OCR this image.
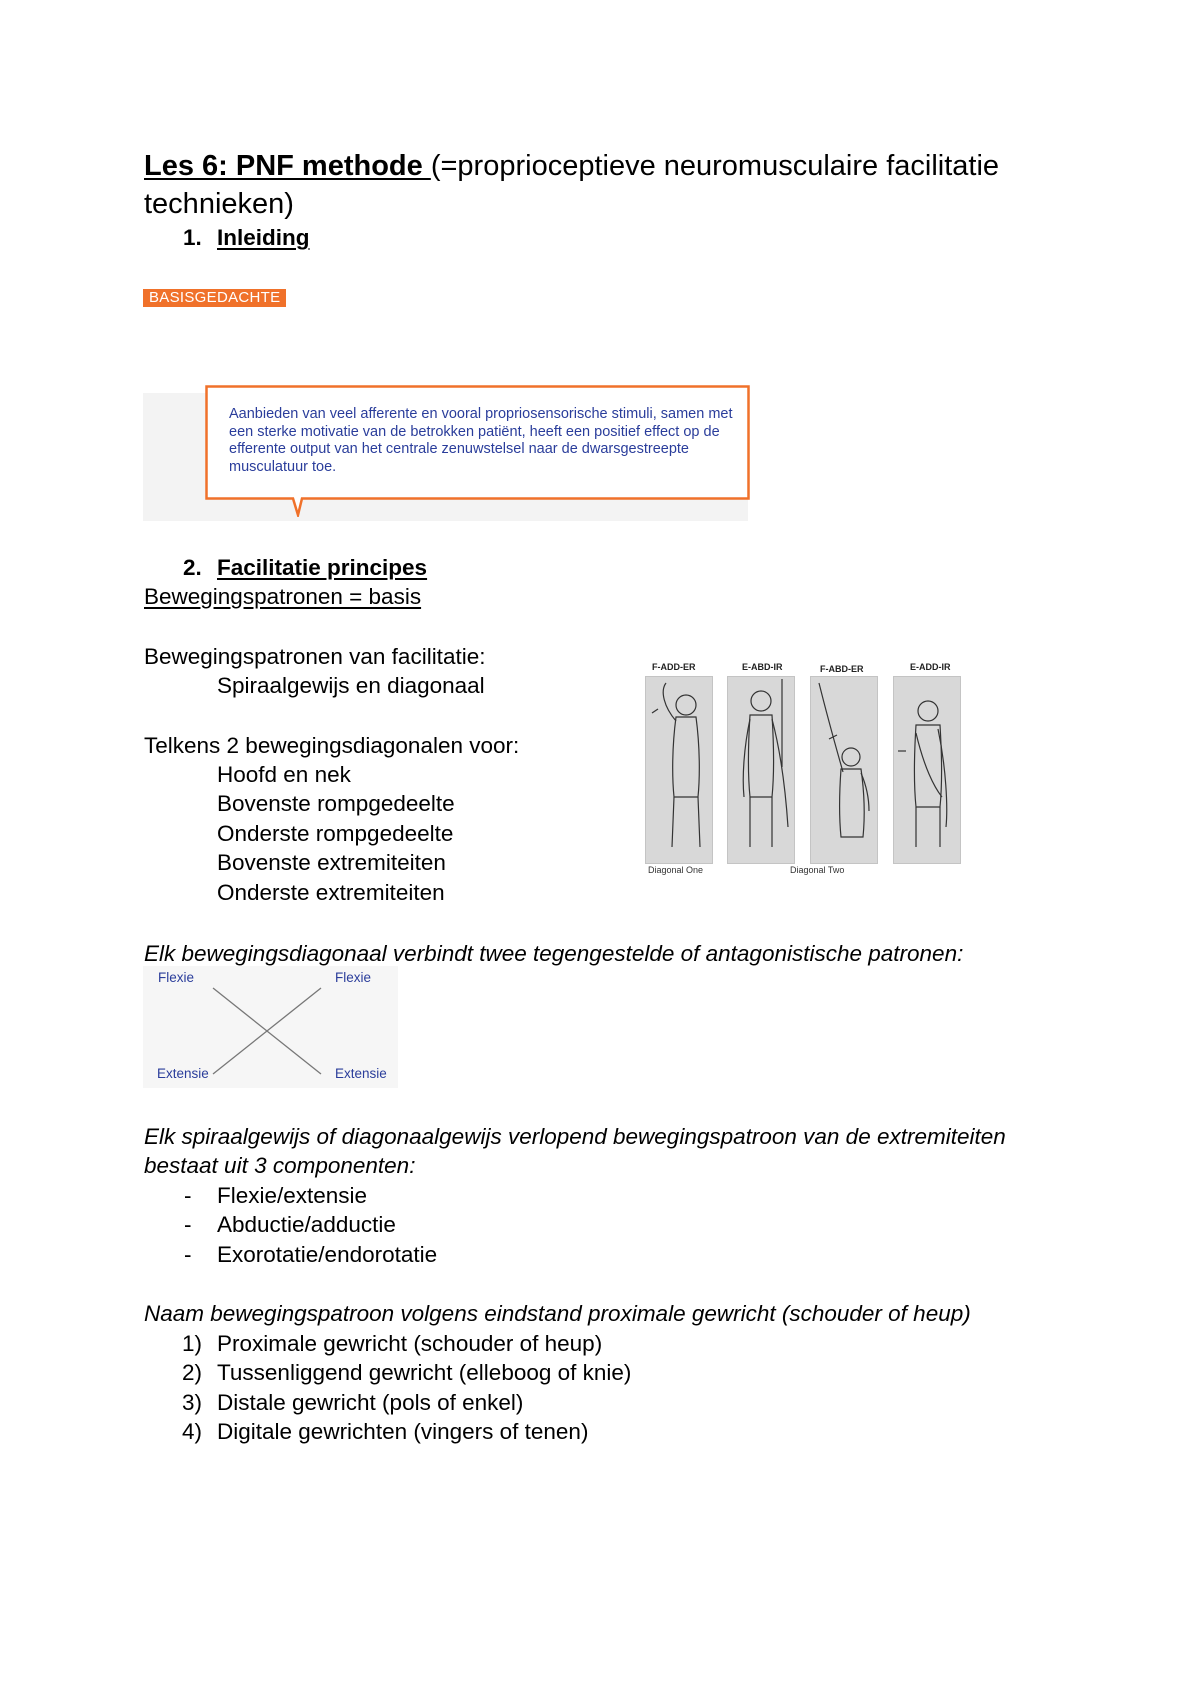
Les 6: PNF methode (=proprioceptieve neuromusculaire facilitatie
technieken)
1. Inleiding
BASISGEDACHTE
Aanbieden van veel afferente en vooral propriosensorische stimuli, samen met een sterke motivatie van de betrokken patiënt, heeft een positief effect op de efferente output van het centrale zenuwstelsel naar de dwarsgestreepte musculatuur toe.
2. Facilitatie principes
Bewegingspatronen = basis
Bewegingspatronen van facilitatie:
Spiraalgewijs en diagonaal
Telkens 2 bewegingsdiagonalen voor:
Hoofd en nek
Bovenste rompgedeelte
Onderste rompgedeelte
Bovenste extremiteiten
Onderste extremiteiten
F-ADD-ER	E-ABD-IR	F-ABD-ER	E-ADD-IR
Diagonal One	Diagonal Two
Elk bewegingsdiagonaal verbindt twee tegengestelde of antagonistische patronen:
Flexie	Flexie
Extensie	Extensie
Elk spiraalgewijs of diagonaalgewijs verlopend bewegingspatroon van de extremiteiten
bestaat uit 3 componenten:
- Flexie/extensie
- Abductie/adductie
- Exorotatie/endorotatie
Naam bewegingspatroon volgens eindstand proximale gewricht (schouder of heup)
1) Proximale gewricht (schouder of heup)
2) Tussenliggend gewricht (elleboog of knie)
3) Distale gewricht (pols of enkel)
4) Digitale gewrichten (vingers of tenen)
